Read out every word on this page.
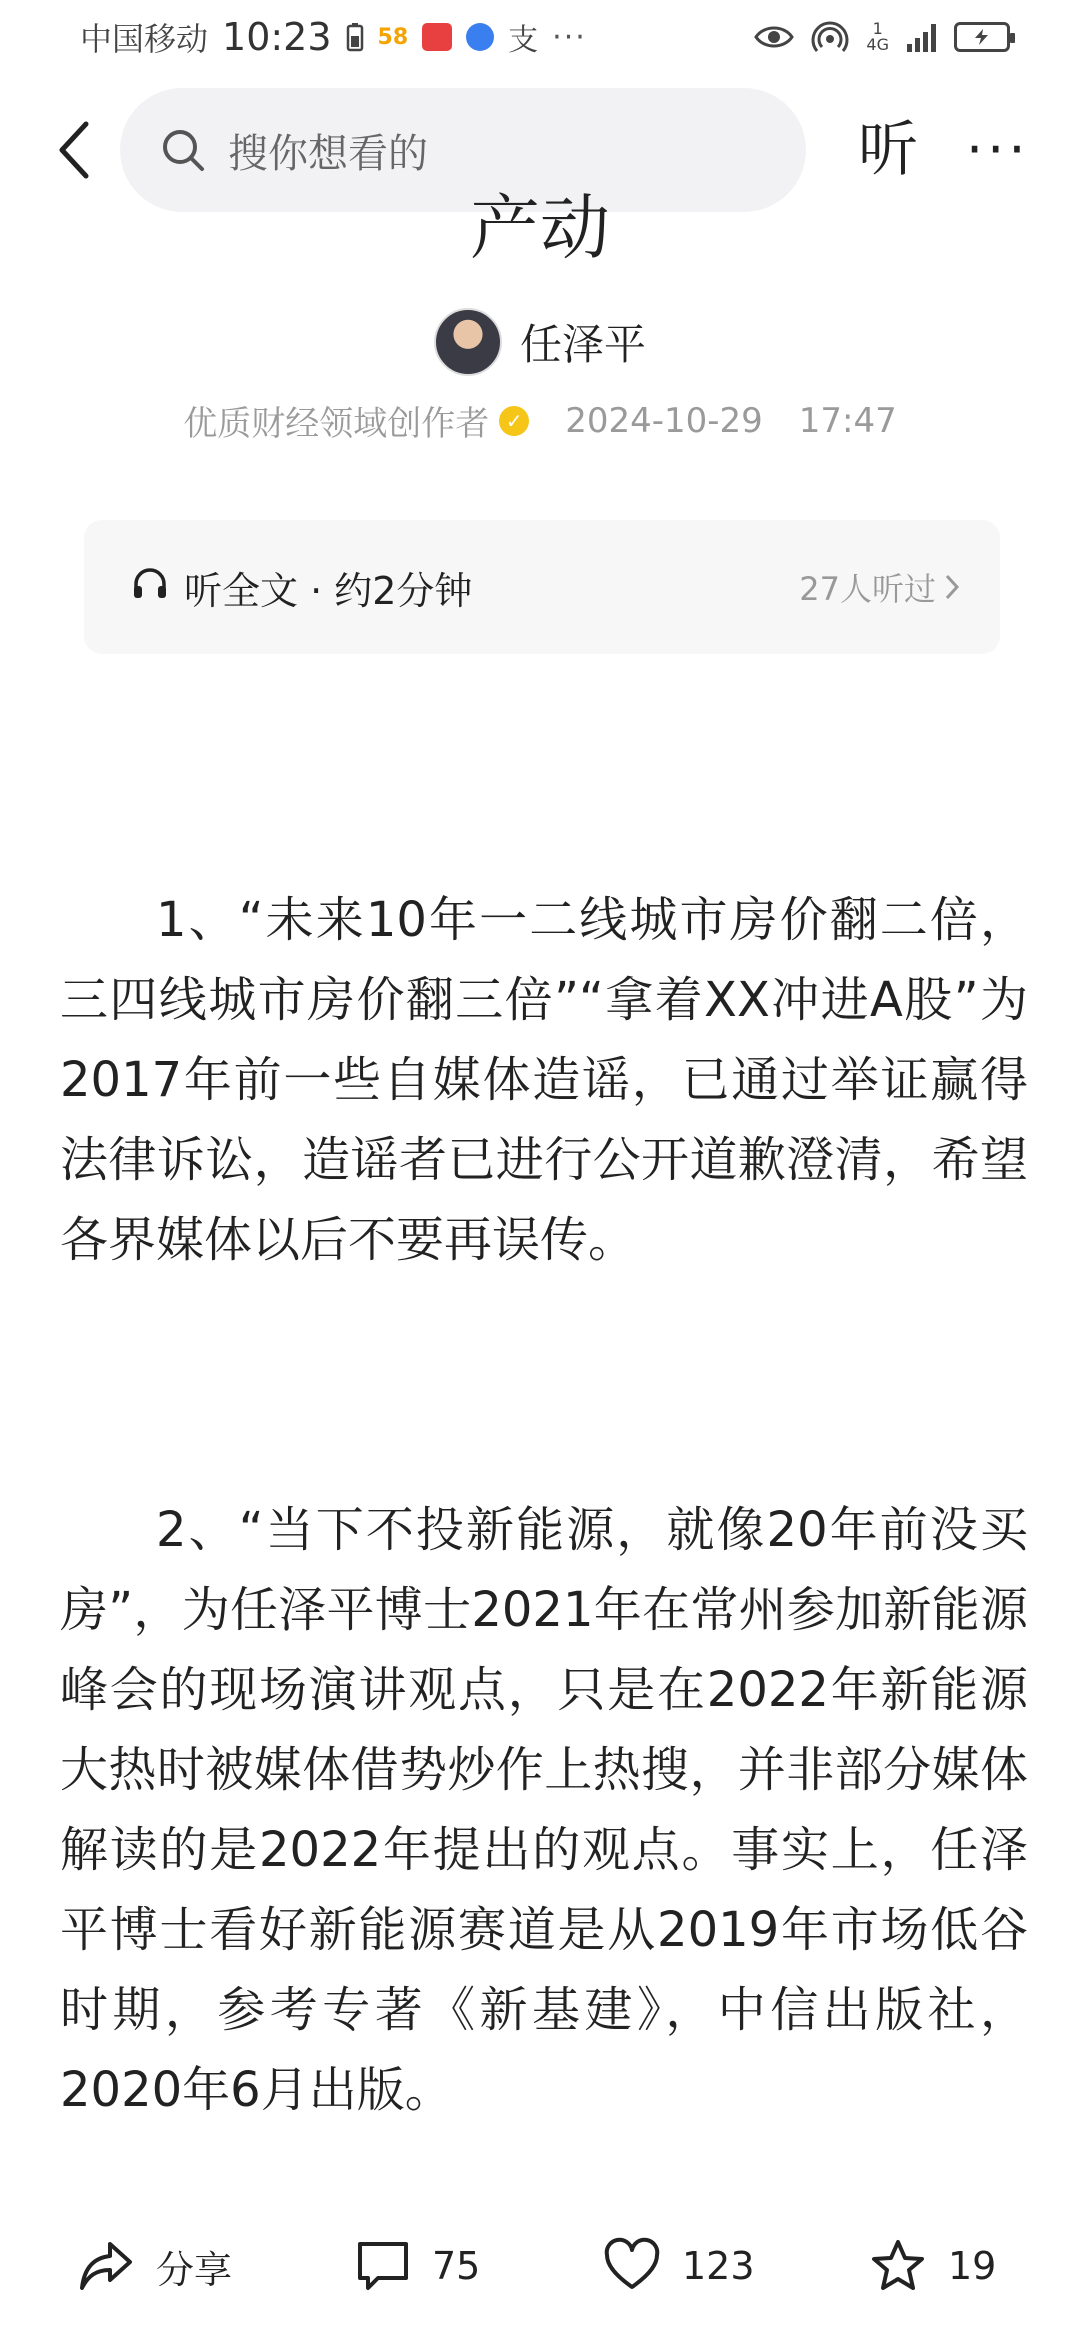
中国移动 10:23 58	支 ···	1
4G
搜你想看的	听 ···
产动
任泽平
优质财经领域创作者 ✓ 2024-10-29 17:47
听全文 · 约2分钟	27人听过

1、“未来10年一二线城市房价翻二倍，三四线城市房价翻三倍”“拿着XX冲进A股”为2017年前一些自媒体造谣，已通过举证赢得法律诉讼，造谣者已进行公开道歉澄清，希望各界媒体以后不要再误传。

2、“当下不投新能源，就像20年前没买房”，为任泽平博士2021年在常州参加新能源峰会的现场演讲观点，只是在2022年新能源大热时被媒体借势炒作上热搜，并非部分媒体解读的是2022年提出的观点。事实上，任泽平博士看好新能源赛道是从2019年市场低谷时期，参考专著《新基建》，中信出版社，2020年6月出版。

分享	75	123	19
